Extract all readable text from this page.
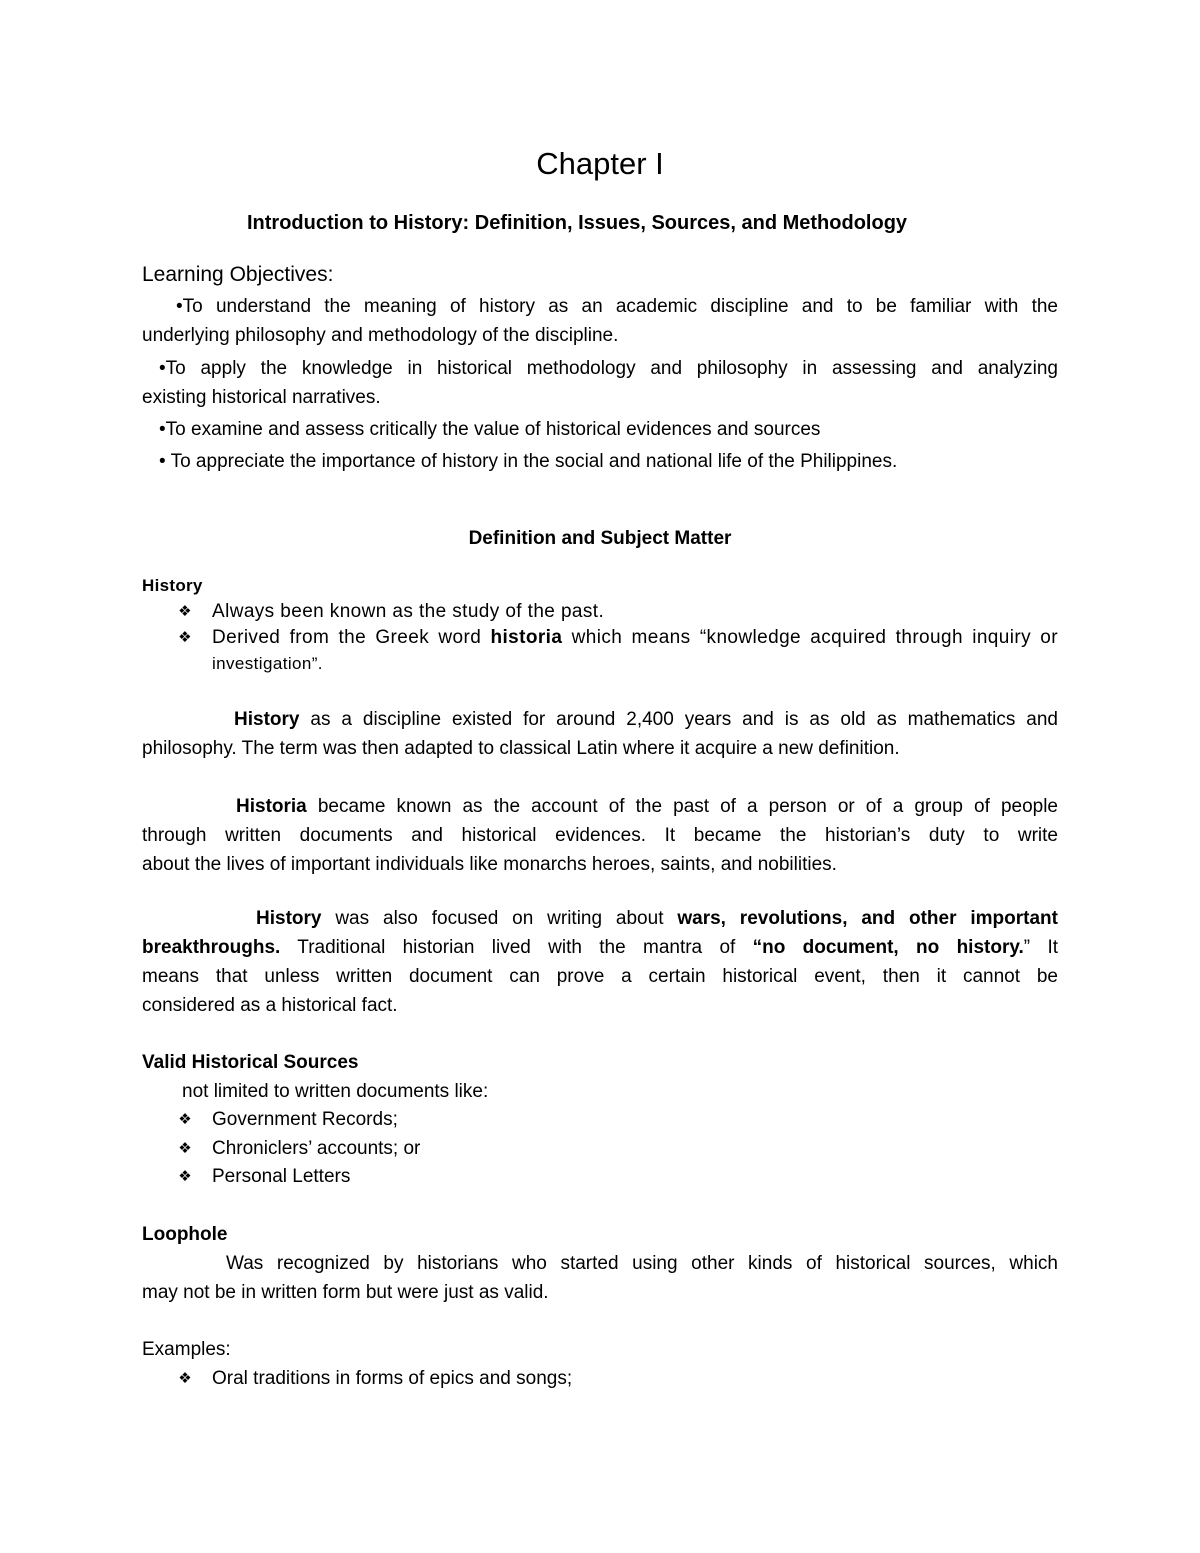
Chapter I
Introduction to History: Definition, Issues, Sources, and Methodology
Learning Objectives:
•To understand the meaning of history as an academic discipline and to be familiar with the
underlying philosophy and methodology of the discipline.
•To apply the knowledge in historical methodology and philosophy in assessing and analyzing
existing historical narratives.
•To examine and assess critically the value of historical evidences and sources
• To appreciate the importance of history in the social and national life of the Philippines.
Definition and Subject Matter
History
❖ Always been known as the study of the past.
❖ Derived from the Greek word historia which means “knowledge acquired through inquiry or
investigation”.
History as a discipline existed for around 2,400 years and is as old as mathematics and
philosophy. The term was then adapted to classical Latin where it acquire a new definition.
Historia became known as the account of the past of a person or of a group of people
through written documents and historical evidences. It became the historian’s duty to write
about the lives of important individuals like monarchs heroes, saints, and nobilities.
History was also focused on writing about wars, revolutions, and other important
breakthroughs. Traditional historian lived with the mantra of “no document, no history.” It
means that unless written document can prove a certain historical event, then it cannot be
considered as a historical fact.
Valid Historical Sources
not limited to written documents like:
❖ Government Records;
❖ Chroniclers’ accounts; or
❖ Personal Letters
Loophole
Was recognized by historians who started using other kinds of historical sources, which
may not be in written form but were just as valid.
Examples:
❖ Oral traditions in forms of epics and songs;
